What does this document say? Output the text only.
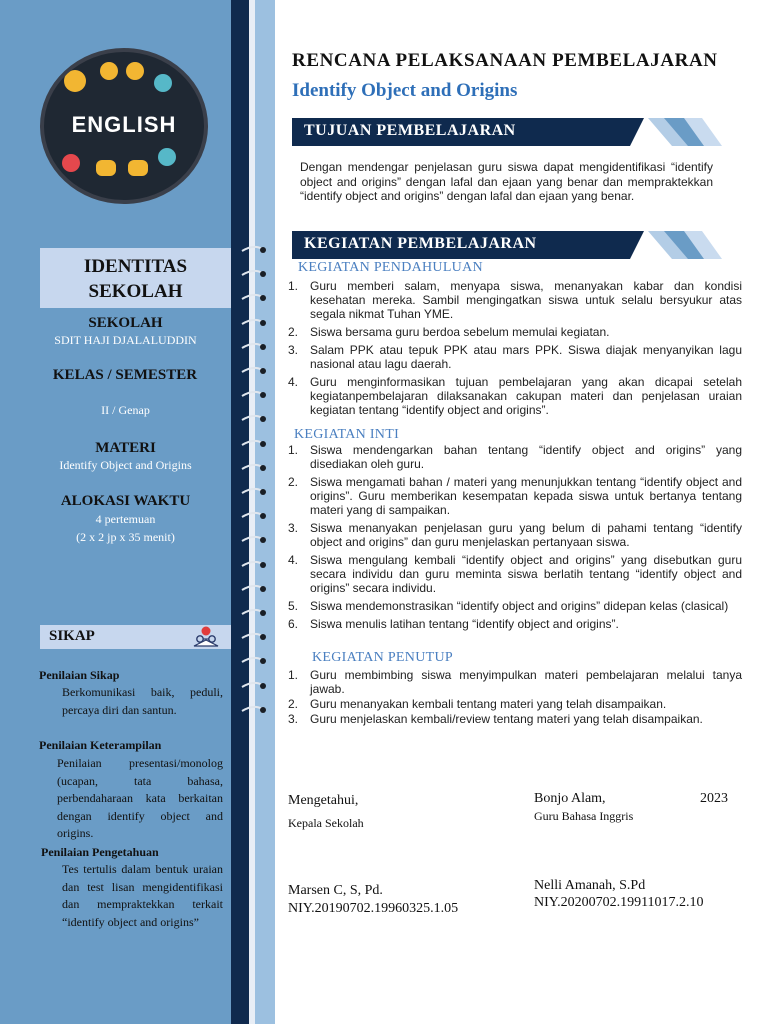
ENGLISH
IDENTITAS SEKOLAH
SEKOLAH
SDIT HAJI DJALALUDDIN
KELAS / SEMESTER
II / Genap
MATERI
Identify Object and Origins
ALOKASI WAKTU
4 pertemuan
(2 x 2 jp x 35 menit)
SIKAP
Penilaian Sikap
Berkomunikasi baik, peduli, percaya diri dan santun.
Penilaian Keterampilan
Penilaian presentasi/monolog (ucapan, tata bahasa, perbendaharaan kata berkaitan dengan identify object and origins.
Penilaian Pengetahuan
Tes tertulis dalam bentuk uraian dan test lisan mengidentifikasi dan mempraktekkan terkait “identify object and origins”
RENCANA PELAKSANAAN PEMBELAJARAN
Identify Object and Origins
TUJUAN PEMBELAJARAN
Dengan mendengar penjelasan guru siswa dapat mengidentifikasi “identify object and origins” dengan lafal dan ejaan yang benar dan mempraktekkan “identify object and origins” dengan lafal dan ejaan yang benar.
KEGIATAN PEMBELAJARAN
KEGIATAN PENDAHULUAN
1. Guru memberi salam, menyapa siswa, menanyakan kabar dan kondisi kesehatan mereka. Sambil mengingatkan siswa untuk selalu bersyukur atas segala nikmat Tuhan YME.
2. Siswa bersama guru berdoa sebelum memulai kegiatan.
3. Salam PPK atau tepuk PPK atau mars PPK. Siswa diajak menyanyikan lagu nasional atau lagu daerah.
4. Guru menginformasikan tujuan pembelajaran yang akan dicapai setelah kegiatanpembelajaran dilaksanakan cakupan materi dan penjelasan uraian kegiatan tentang “identify object and origins”.
KEGIATAN INTI
1. Siswa mendengarkan bahan tentang “identify object and origins” yang disediakan oleh guru.
2. Siswa mengamati bahan / materi yang menunjukkan tentang “identify object and origins”. Guru memberikan kesempatan kepada siswa untuk bertanya tentang materi yang di sampaikan.
3. Siswa menanyakan penjelasan guru yang belum di pahami tentang “identify object and origins” dan guru menjelaskan pertanyaan siswa.
4. Siswa mengulang kembali “identify object and origins” yang disebutkan guru secara individu dan guru meminta siswa berlatih tentang “identify object and origins” secara individu.
5. Siswa mendemonstrasikan “identify object and origins” didepan kelas (clasical)
6. Siswa menulis latihan tentang “identify object and origins”.
KEGIATAN PENUTUP
1. Guru membimbing siswa menyimpulkan materi pembelajaran melalui tanya jawab.
2. Guru menanyakan kembali tentang materi yang telah disampaikan.
3. Guru menjelaskan kembali/review tentang materi yang telah disampaikan.
Mengetahui,
Kepala Sekolah
Marsen C, S, Pd.
NIY.20190702.19960325.1.05
Bonjo Alam,	2023
Guru Bahasa Inggris
Nelli Amanah, S.Pd
NIY.20200702.19911017.2.10
